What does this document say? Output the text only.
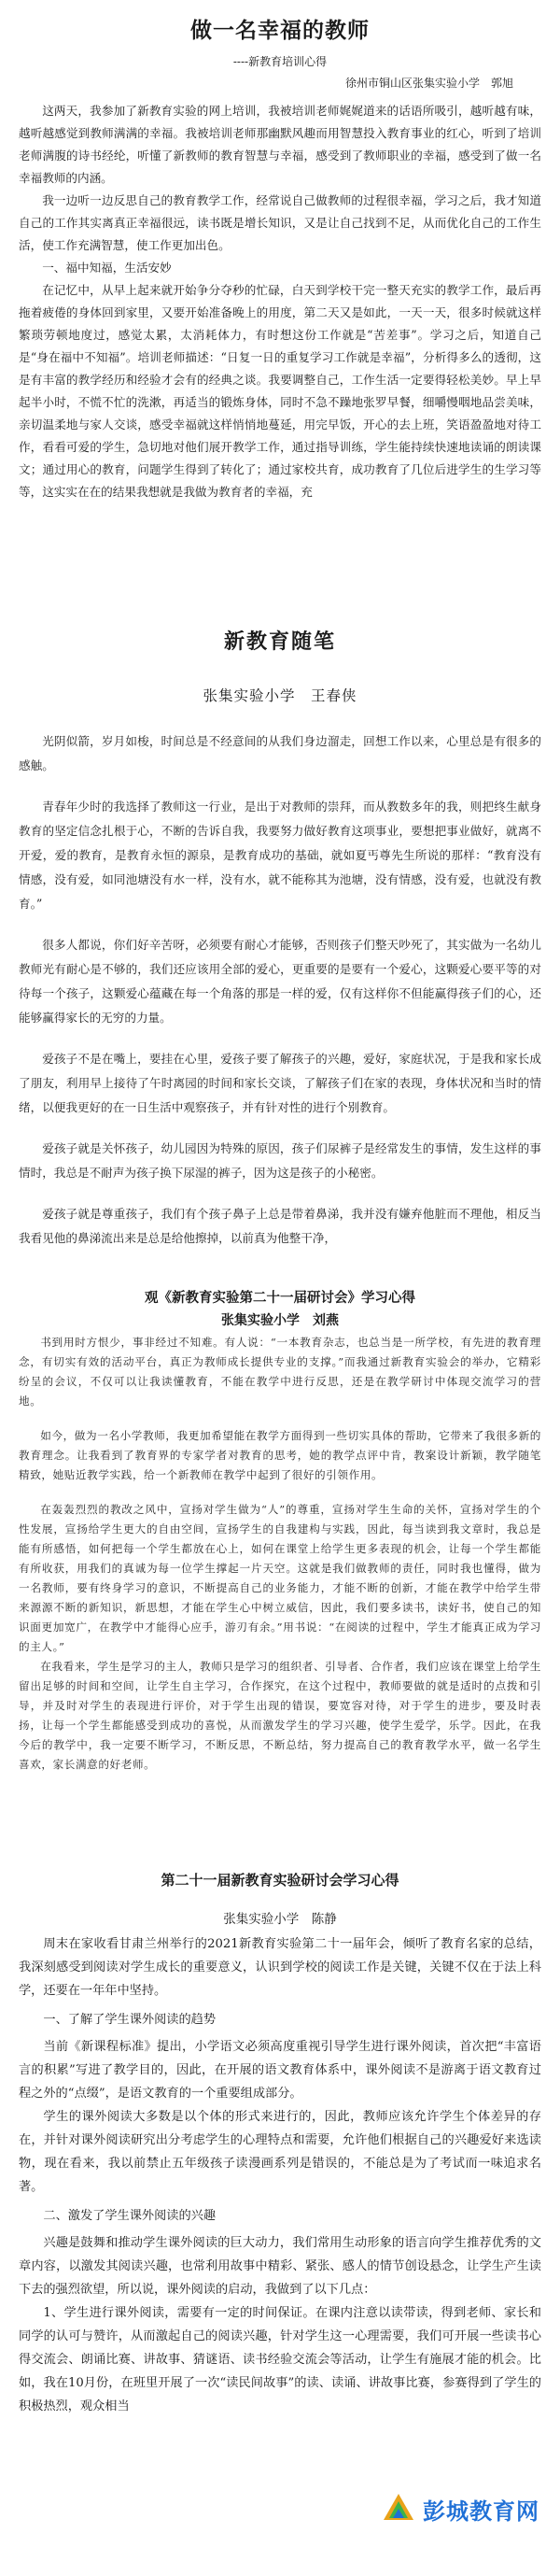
做一名幸福的教师
----新教育培训心得
徐州市铜山区张集实验小学　郭旭

这两天，我参加了新教育实验的网上培训，我被培训老师娓娓道来的话语所吸引，越听越有味，越听越感觉到教师满满的幸福。我被培训老师那幽默风趣而用智慧投入教育事业的红心，听到了培训老师满腹的诗书经纶，听懂了新教师的教育智慧与幸福，感受到了教师职业的幸福，感受到了做一名幸福教师的内涵。

我一边听一边反思自己的教育教学工作，经常说自己做教师的过程很幸福，学习之后，我才知道自己的工作其实离真正幸福很远，读书既是增长知识，又是让自己找到不足，从而优化自己的工作生活，使工作充满智慧，使工作更加出色。

一、福中知福，生活安妙

在记忆中，从早上起来就开始争分夺秒的忙碌，白天到学校干完一整天充实的教学工作，最后再拖着疲倦的身体回到家里，又要开始准备晚上的用度，第二天又是如此，一天一天，很多时候就这样繁琐劳顿地度过，感觉太累，太消耗体力，有时想这份工作就是“苦差事”。学习之后，知道自己是“身在福中不知福”。培训老师描述：“日复一日的重复学习工作就是幸福”，分析得多么的透彻，这是有丰富的教学经历和经验才会有的经典之谈。我要调整自己，工作生活一定要得轻松美妙。早上早起半小时，不慌不忙的洗漱，再适当的锻炼身体，同时不急不躁地张罗早餐，细嚼慢咽地品尝美味，亲切温柔地与家人交谈，感受幸福就这样悄悄地蔓延，用完早饭，开心的去上班，笑语盈盈地对待工作，看看可爱的学生，急切地对他们展开教学工作，通过指导训练，学生能持续快速地读诵的朗读课文；通过用心的教育，问题学生得到了转化了；通过家校共育，成功教育了几位后进学生的生学习等等，这实实在在的结果我想就是我做为教育者的幸福，充

新教育随笔
张集实验小学　王春侠

光阴似箭，岁月如梭，时间总是不经意间的从我们身边溜走，回想工作以来，心里总是有很多的感触。

青春年少时的我选择了教师这一行业，是出于对教师的崇拜，而从教数多年的我，则把终生献身教育的坚定信念扎根于心，不断的告诉自我，我要努力做好教育这项事业，要想把事业做好，就离不开爱，爱的教育，是教育永恒的源泉，是教育成功的基础，就如夏丐尊先生所说的那样：“教育没有情感，没有爱，如同池塘没有水一样，没有水，就不能称其为池塘，没有情感，没有爱，也就没有教育。”

很多人都说，你们好辛苦呀，必须要有耐心才能够，否则孩子们整天吵死了，其实做为一名幼儿教师光有耐心是不够的，我们还应该用全部的爱心，更重要的是要有一个爱心，这颗爱心要平等的对待每一个孩子，这颗爱心蕴藏在每一个角落的那是一样的爱，仅有这样你不但能赢得孩子们的心，还能够赢得家长的无穷的力量。

爱孩子不是在嘴上，要挂在心里，爱孩子要了解孩子的兴趣，爱好，家庭状况，于是我和家长成了朋友，利用早上接待了午时离园的时间和家长交谈，了解孩子们在家的表现，身体状况和当时的情绪，以便我更好的在一日生活中观察孩子，并有针对性的进行个别教育。

爱孩子就是关怀孩子，幼儿园因为特殊的原因，孩子们尿裤子是经常发生的事情，发生这样的事情时，我总是不耐声为孩子换下尿湿的裤子，因为这是孩子的小秘密。

爱孩子就是尊重孩子，我们有个孩子鼻子上总是带着鼻涕，我并没有嫌弃他脏而不理他，相反当我看见他的鼻涕流出来是总是给他擦掉，以前真为他整干净，

观《新教育实验第二十一届研讨会》学习心得
张集实验小学　刘燕

书到用时方恨少，事非经过不知难。有人说：“一本教育杂志，也总当是一所学校，有先进的教育理念，有切实有效的活动平台，真正为教师成长提供专业的支撑。”而我通过新教育实验会的举办，它精彩纷呈的会议，不仅可以让我读懂教育，不能在教学中进行反思，还是在教学研讨中体现交流学习的营地。

如今，做为一名小学教师，我更加希望能在教学方面得到一些切实具体的帮助，它带来了我很多新的教育理念。让我看到了教育界的专家学者对教育的思考，她的教学点评中肯，教案设计新颖，教学随笔精致，她贴近教学实践，给一个新教师在教学中起到了很好的引领作用。

在轰轰烈烈的教改之风中，宣扬对学生做为“人”的尊重，宣扬对学生生命的关怀，宣扬对学生的个性发展，宣扬给学生更大的自由空间，宣扬学生的自我建构与实践，因此，每当读到我文章时，我总是能有所感悟，如何把每一个学生都放在心上，如何在课堂上给学生更多表现的机会，让每一个学生都能有所收获，用我们的真诚为每一位学生撑起一片天空。这就是我们做教师的责任，同时我也懂得，做为一名教师，要有终身学习的意识，不断提高自己的业务能力，才能不断的创新，才能在教学中给学生带来源源不断的新知识，新思想，才能在学生心中树立威信，因此，我们要多读书，读好书，使自己的知识面更加宽广，在教学中才能得心应手，游刃有余。”用书说：“在阅读的过程中，学生才能真正成为学习的主人。”

在我看来，学生是学习的主人，教师只是学习的组织者、引导者、合作者，我们应该在课堂上给学生留出足够的时间和空间，让学生自主学习，合作探究，在这个过程中，教师要做的就是适时的点拨和引导，并及时对学生的表现进行评价，对于学生出现的错误，要宽容对待，对于学生的进步，要及时表扬，让每一个学生都能感受到成功的喜悦，从而激发学生的学习兴趣，使学生爱学，乐学。因此，在我今后的教学中，我一定要不断学习，不断反思，不断总结，努力提高自己的教育教学水平，做一名学生喜欢，家长满意的好老师。

第二十一届新教育实验研讨会学习心得
张集实验小学　陈静

周末在家收看甘肃兰州举行的2021新教育实验第二十一届年会，倾听了教育名家的总结，我深刻感受到阅读对学生成长的重要意义，认识到学校的阅读工作是关键，关键不仅在于法上科学，还要在一年年中坚持。

一、了解了学生课外阅读的趋势

当前《新课程标准》提出，小学语文必须高度重视引导学生进行课外阅读，首次把“丰富语言的积累”写进了教学目的，因此，在开展的语文教育体系中，课外阅读不是游离于语文教育过程之外的“点缀”，是语文教育的一个重要组成部分。

学生的课外阅读大多数是以个体的形式来进行的，因此，教师应该允许学生个体差异的存在，并针对课外阅读研究出分考虑学生的心理特点和需要，允许他们根据自己的兴趣爱好来选读物，现在看来，我以前禁止五年级孩子读漫画系列是错误的，不能总是为了考试而一味追求名著。

二、激发了学生课外阅读的兴趣

兴趣是鼓舞和推动学生课外阅读的巨大动力，我们常用生动形象的语言向学生推荐优秀的文章内容，以激发其阅读兴趣，也常利用故事中精彩、紧张、感人的情节创设悬念，让学生产生读下去的强烈欲望，所以说，课外阅读的启动，我做到了以下几点：

1、学生进行课外阅读，需要有一定的时间保证。在课内注意以读带读，得到老师、家长和同学的认可与赞许，从而激起自己的阅读兴趣，针对学生这一心理需要，我们可开展一些读书心得交流会、朗诵比赛、讲故事、猜谜语、读书经验交流会等活动，让学生有施展才能的机会。比如，我在10月份，在班里开展了一次“读民间故事”的读、读诵、讲故事比赛，参赛得到了学生的积极热烈，观众相当

彭城教育网
